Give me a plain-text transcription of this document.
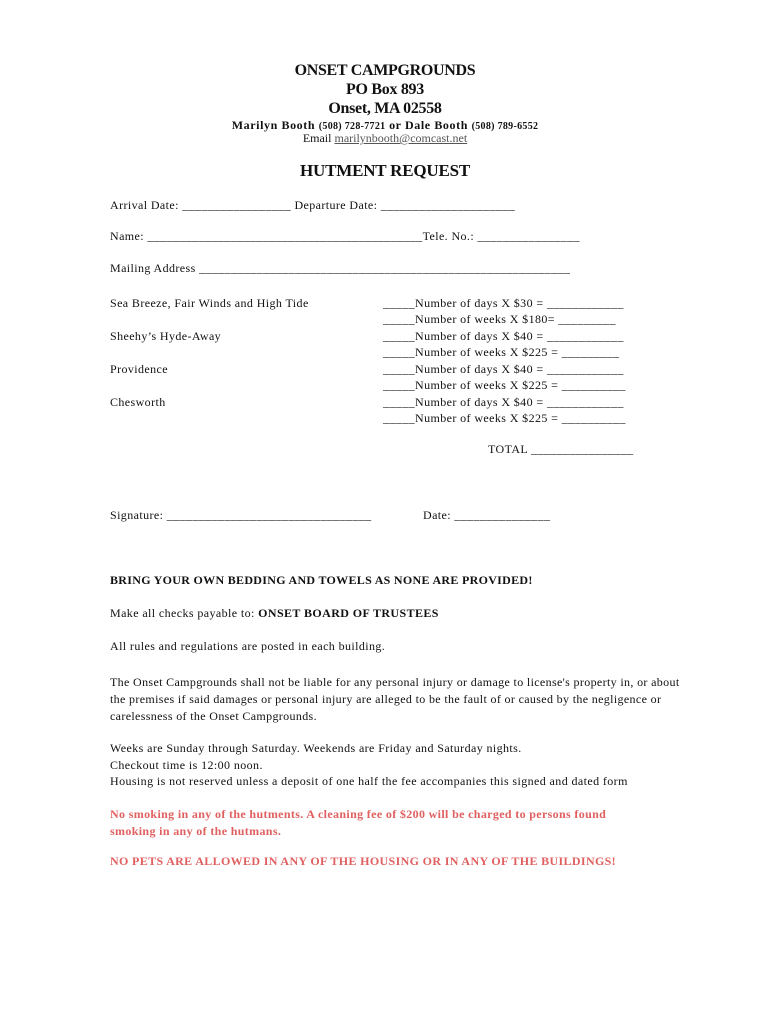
ONSET CAMPGROUNDS
PO Box 893
Onset, MA 02558
Marilyn Booth (508) 728-7721 or Dale Booth (508) 789-6552
Email marilynbooth@comcast.net
HUTMENT REQUEST
Arrival Date: _________________ Departure Date: _____________________
Name: ___________________________________________Tele. No.: ________________
Mailing Address __________________________________________________________
Sea Breeze, Fair Winds and High Tide
Sheehy’s Hyde-Away
Providence
Chesworth
_____Number of days X $30 = ____________
_____Number of weeks X $180= _________
_____Number of days X $40 = ____________
_____Number of weeks X $225 = _________
_____Number of days X $40 = ____________
_____Number of weeks X $225 = __________
_____Number of days X $40 = ____________
_____Number of weeks X $225 = __________
TOTAL ________________
Signature: ________________________________	Date: _______________
BRING YOUR OWN BEDDING AND TOWELS AS NONE ARE PROVIDED!
Make all checks payable to: ONSET BOARD OF TRUSTEES
All rules and regulations are posted in each building.
The Onset Campgrounds shall not be liable for any personal injury or damage to license's property in, or about the premises if said damages or personal injury are alleged to be the fault of or caused by the negligence or carelessness of the Onset Campgrounds.
Weeks are Sunday through Saturday. Weekends are Friday and Saturday nights.
Checkout time is 12:00 noon.
Housing is not reserved unless a deposit of one half the fee accompanies this signed and dated form
No smoking in any of the hutments. A cleaning fee of $200 will be charged to persons found smoking in any of the hutmans.
NO PETS ARE ALLOWED IN ANY OF THE HOUSING OR IN ANY OF THE BUILDINGS!
